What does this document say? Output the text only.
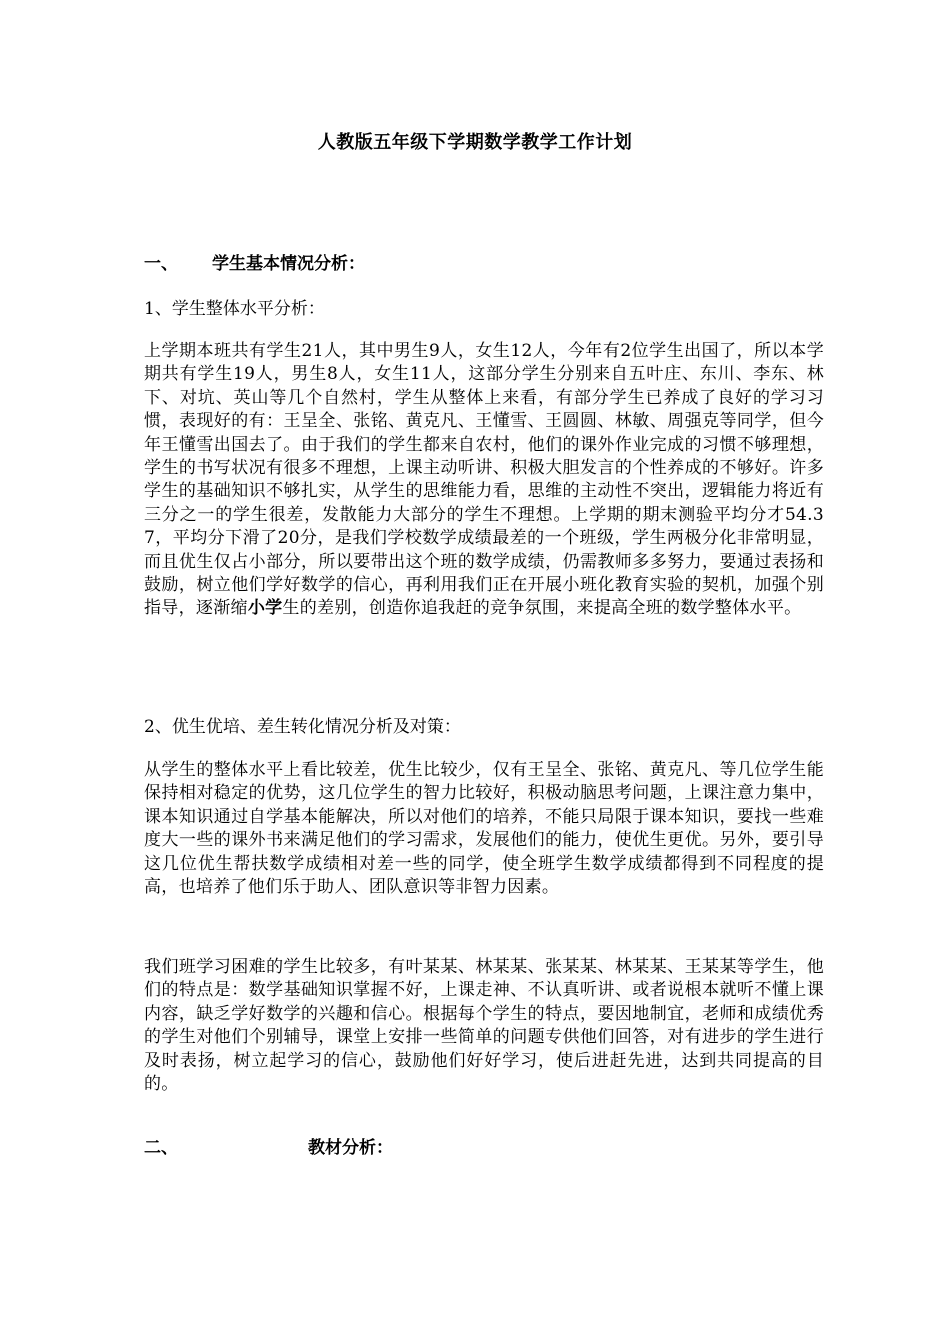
人教版五年级下学期数学教学工作计划
一、 学生基本情况分析：
1、学生整体水平分析：
上学期本班共有学生21人，其中男生9人，女生12人，今年有2位学生出国了，所以本学期共有学生19人，男生8人，女生11人，这部分学生分别来自五叶庄、东川、李东、林下、对坑、英山等几个自然村，学生从整体上来看，有部分学生已养成了良好的学习习惯，表现好的有：王呈全、张铭、黄克凡、王懂雪、王圆圆、林敏、周强克等同学，但今年王懂雪出国去了。由于我们的学生都来自农村，他们的课外作业完成的习惯不够理想，学生的书写状况有很多不理想，上课主动听讲、积极大胆发言的个性养成的不够好。许多学生的基础知识不够扎实，从学生的思维能力看，思维的主动性不突出，逻辑能力将近有三分之一的学生很差，发散能力大部分的学生不理想。上学期的期末测验平均分才54.37，平均分下滑了20分，是我们学校数学成绩最差的一个班级，学生两极分化非常明显，而且优生仅占小部分，所以要带出这个班的数学成绩，仍需教师多多努力，要通过表扬和鼓励，树立他们学好数学的信心，再利用我们正在开展小班化教育实验的契机，加强个别指导，逐渐缩小学生的差别，创造你追我赶的竞争氛围，来提高全班的数学整体水平。
2、优生优培、差生转化情况分析及对策：
从学生的整体水平上看比较差，优生比较少，仅有王呈全、张铭、黄克凡、等几位学生能保持相对稳定的优势，这几位学生的智力比较好，积极动脑思考问题，上课注意力集中，课本知识通过自学基本能解决，所以对他们的培养，不能只局限于课本知识，要找一些难度大一些的课外书来满足他们的学习需求，发展他们的能力，使优生更优。另外，要引导这几位优生帮扶数学成绩相对差一些的同学，使全班学生数学成绩都得到不同程度的提高，也培养了他们乐于助人、团队意识等非智力因素。
我们班学习困难的学生比较多，有叶某某、林某某、张某某、林某某、王某某等学生，他们的特点是：数学基础知识掌握不好，上课走神、不认真听讲、或者说根本就听不懂上课内容，缺乏学好数学的兴趣和信心。根据每个学生的特点，要因地制宜，老师和成绩优秀的学生对他们个别辅导，课堂上安排一些简单的问题专供他们回答，对有进步的学生进行及时表扬，树立起学习的信心，鼓励他们好好学习，使后进赶先进，达到共同提高的目的。
二、	教材分析：
